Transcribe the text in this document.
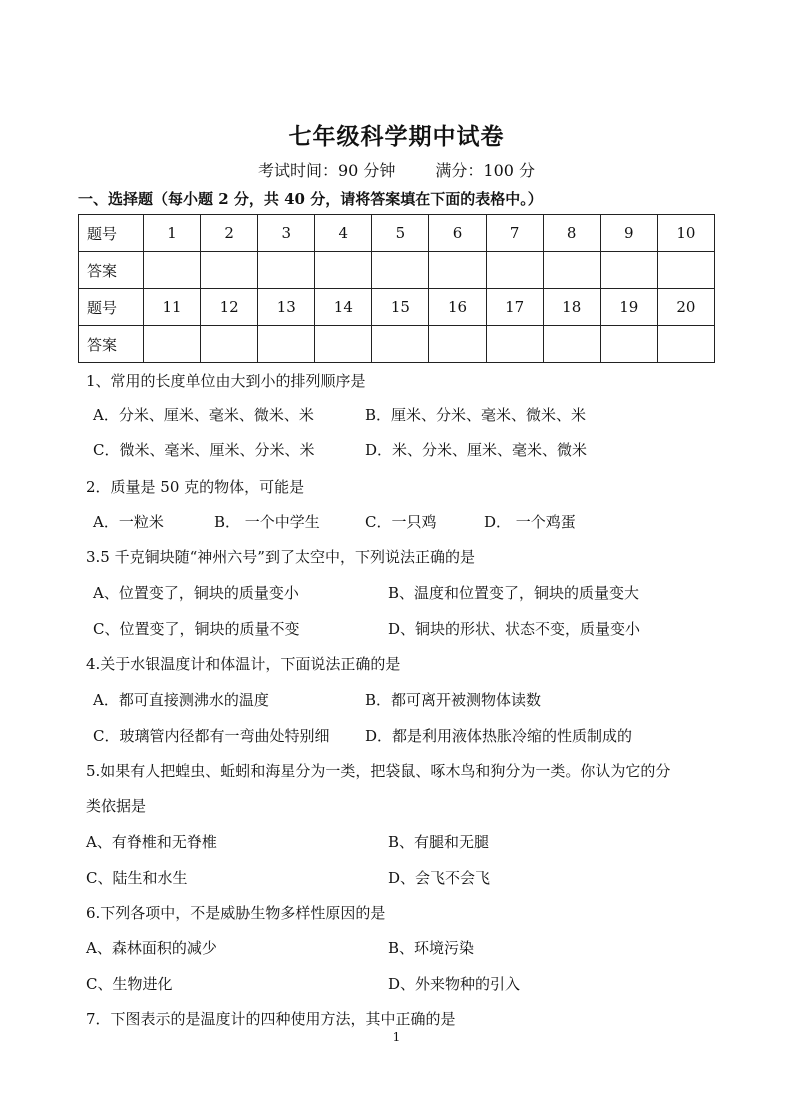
七年级科学期中试卷
考试时间：90 分钟	满分：100 分
一、选择题（每小题 2 分，共 40 分，请将答案填在下面的表格中。）
题号	1	2	3	4	5	6	7	8	9	10
答案										
题号	11	12	13	14	15	16	17	18	19	20
答案										
1、常用的长度单位由大到小的排列顺序是
A．分米、厘米、毫米、微米、米	B．厘米、分米、毫米、微米、米
C．微米、毫米、厘米、分米、米	D．米、分米、厘米、毫米、微米
2．质量是 50 克的物体，可能是
A．一粒米	B． 一个中学生	C．一只鸡	D． 一个鸡蛋
3.5 千克铜块随“神州六号”到了太空中，下列说法正确的是
A、位置变了，铜块的质量变小	B、温度和位置变了，铜块的质量变大
C、位置变了，铜块的质量不变	D、铜块的形状、状态不变，质量变小
4.关于水银温度计和体温计，下面说法正确的是
A．都可直接测沸水的温度	B．都可离开被测物体读数
C．玻璃管内径都有一弯曲处特别细 D．都是利用液体热胀冷缩的性质制成的
5.如果有人把蝗虫、蚯蚓和海星分为一类，把袋鼠、啄木鸟和狗分为一类。你认为它的分
类依据是
A、有脊椎和无脊椎	B、有腿和无腿
C、陆生和水生	D、会飞不会飞
6.下列各项中，不是威胁生物多样性原因的是
A、森林面积的减少	B、环境污染
C、生物进化	D、外来物种的引入
7．下图表示的是温度计的四种使用方法，其中正确的是
1
